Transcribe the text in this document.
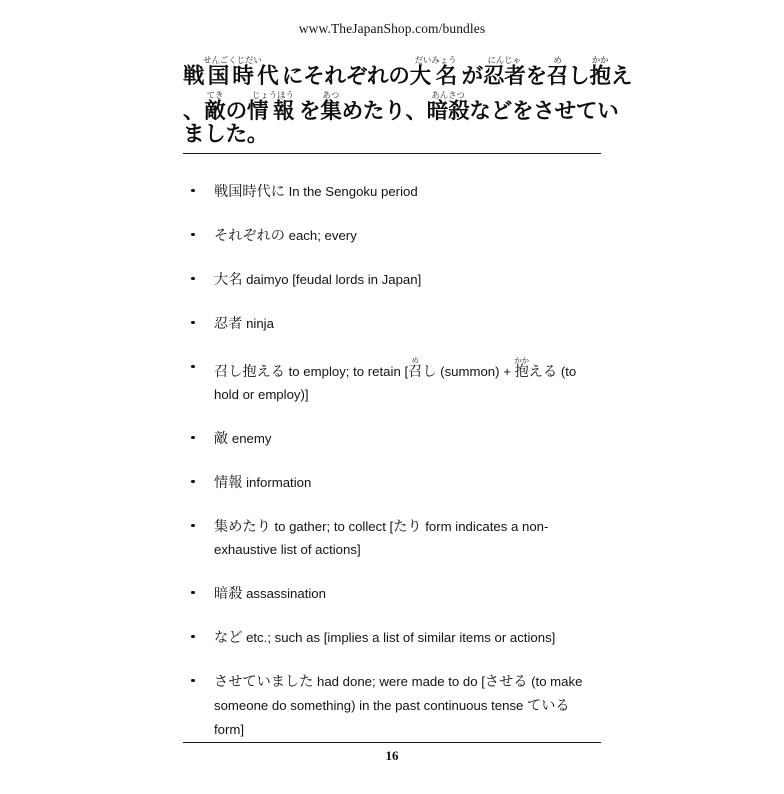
www.TheJapanShop.com/bundles
戦国時代せんごくじだいにそれぞれの大名だいみょうが忍者にんじゃを召めし抱かかえ
、敵てきの情報じょうほうを集あつめたり、暗殺あんさつなどをさせてい
ました。
戦国時代に In the Sengoku period
それぞれの each; every
大名 daimyo [feudal lords in Japan]
忍者 ninja
召し抱える to employ; to retain [召めし (summon) + 抱かかえる (to hold or employ)]
敵 enemy
情報 information
集めたり to gather; to collect [たり form indicates a non-exhaustive list of actions]
暗殺 assassination
など etc.; such as [implies a list of similar items or actions]
させていました had done; were made to do [させる (to make someone do something) in the past continuous tense ている form]
16
